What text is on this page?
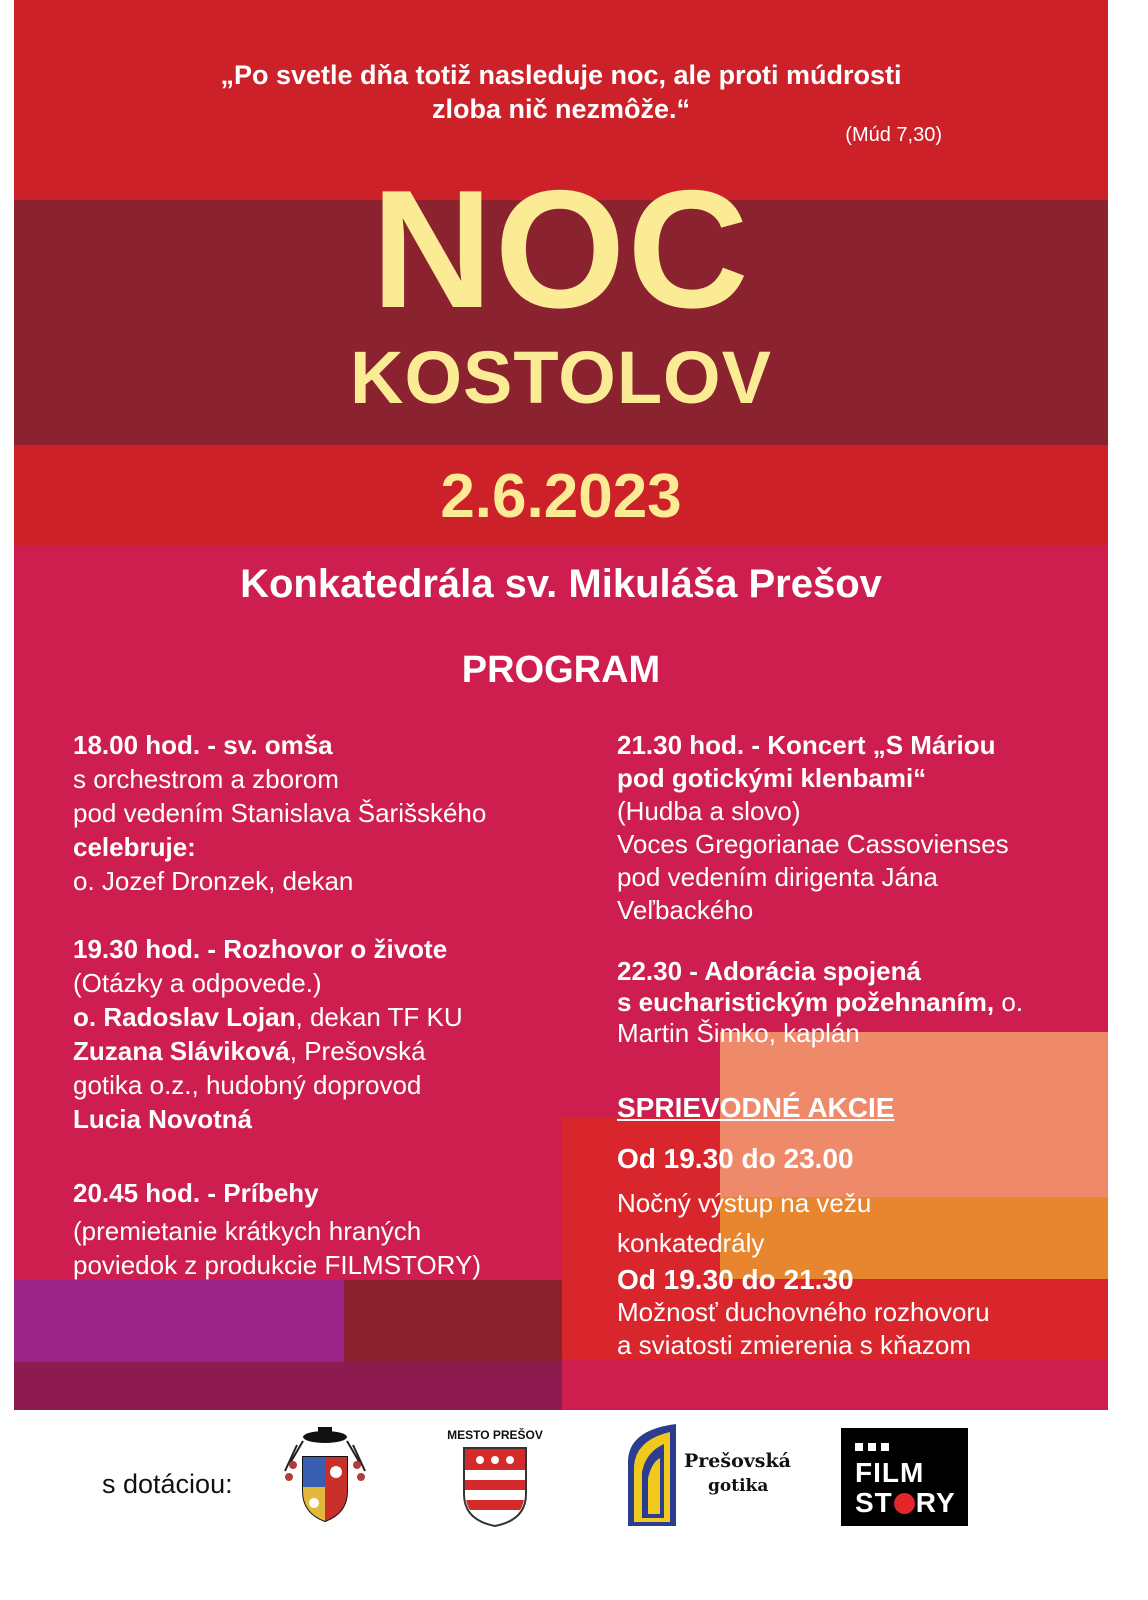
„Po svetle dňa totiž nasleduje noc, ale proti múdrosti
zloba nič nezmôže.“
(Múd 7,30)
NOC
KOSTOLOV
2.6.2023
Konkatedrála sv. Mikuláša Prešov
PROGRAM

18.00 hod. - sv. omša

s orchestrom a zborom

pod vedením Stanislava Šarišského

celebruje:

o. Jozef Dronzek, dekan

19.30 hod. - Rozhovor o živote

(Otázky a odpovede.)

o. Radoslav Lojan, dekan TF KU

Zuzana Sláviková, Prešovská

gotika o.z., hudobný doprovod

Lucia Novotná

20.45 hod. - Príbehy

(premietanie krátkych hraných

poviedok z produkcie FILMSTORY)

21.30 hod. - Koncert „S Máriou

pod gotickými klenbami“

(Hudba a slovo)

Voces Gregorianae Cassovienses

pod vedením dirigenta Jána

Veľbackého

22.30 - Adorácia spojená

s eucharistickým požehnaním, o.

Martin Šimko, kaplán

SPRIEVODNÉ AKCIE

Od 19.30 do 23.00

Nočný výstup na vežu

konkatedrály

Od 19.30 do 21.30

Možnosť duchovného rozhovoru

a sviatosti zmierenia s kňazom

s dotáciou:
MESTO PREŠOV
Prešovská
gotika	FILM
ST RY
